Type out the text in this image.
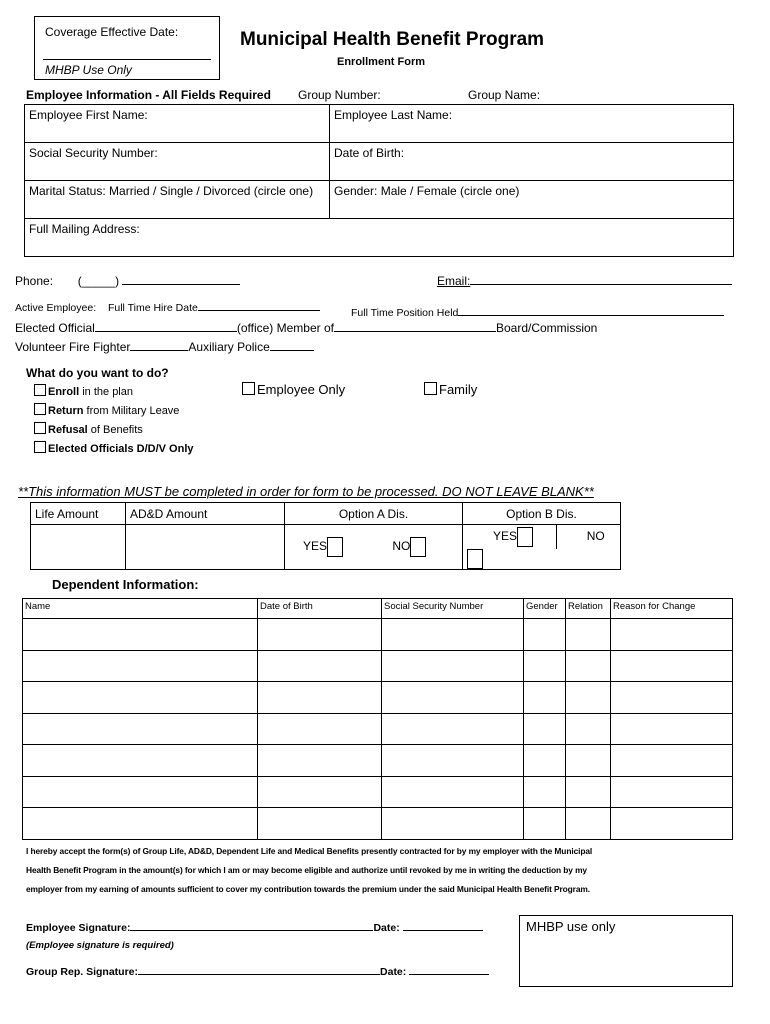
Coverage Effective Date:
MHBP Use Only
Municipal Health Benefit Program
Enrollment Form
Employee Information - All Fields Required Group Number:	Group Name:
Employee First Name:	Employee Last Name:
Social Security Number:	Date of Birth:
Marital Status: Married / Single / Divorced (circle one)	Gender: Male / Female (circle one)
Full Mailing Address:	
Phone: (_____)	Email:
Active Employee: Full Time Hire Date	Full Time Position Held
Elected Official	(office) Member of	Board/Commission
Volunteer Fire Fighter	Auxiliary Police
What do you want to do?
Enroll in the plan
Return from Military Leave
Refusal of Benefits
Elected Officials D/D/V Only
Employee Only	Family
**This information MUST be completed in order for form to be processed. DO NOT LEAVE BLANK**
Life Amount	AD&D Amount	Option A Dis.	Option B Dis.
		YES NO	YES NO
Dependent Information:
Name	Date of Birth	Social Security Number	Gender	Relation	Reason for Change

I hereby accept the form(s) of Group Life, AD&D, Dependent Life and Medical Benefits presently contracted for by my employer with the Municipal
Health Benefit Program in the amount(s) for which I am or may become eligible and authorize until revoked by me in writing the deduction by my
employer from my earning of amounts sufficient to cover my contribution towards the premium under the said Municipal Health Benefit Program.
Employee Signature:	Date:
(Employee signature is required)
Group Rep. Signature:	Date:
MHBP use only
